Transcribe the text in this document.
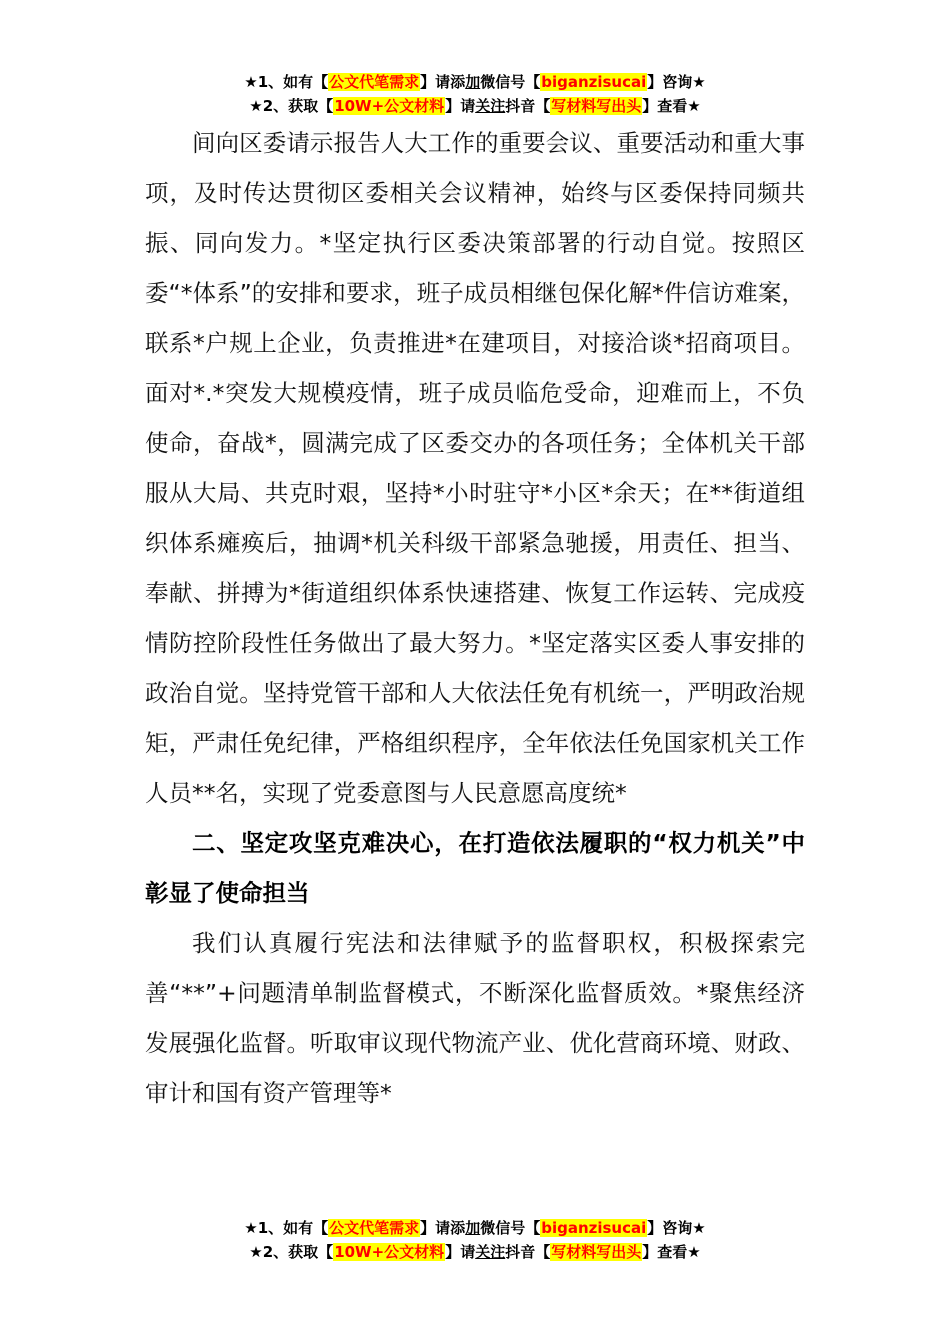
★1、如有【公文代笔需求】请添加微信号【biganzisucai】咨询★
★2、获取【10W+公文材料】请关注抖音【写材料写出头】查看★

间向区委请示报告人大工作的重要会议、重要活动和重大事项，及时传达贯彻区委相关会议精神，始终与区委保持同频共振、同向发力。*坚定执行区委决策部署的行动自觉。按照区委“*体系”的安排和要求，班子成员相继包保化解*件信访难案，联系*户规上企业，负责推进*在建项目，对接洽谈*招商项目。面对*.*突发大规模疫情，班子成员临危受命，迎难而上，不负使命，奋战*，圆满完成了区委交办的各项任务；全体机关干部服从大局、共克时艰，坚持*小时驻守*小区*余天；在**街道组织体系瘫痪后，抽调*机关科级干部紧急驰援，用责任、担当、奉献、拼搏为*街道组织体系快速搭建、恢复工作运转、完成疫情防控阶段性任务做出了最大努力。*坚定落实区委人事安排的政治自觉。坚持党管干部和人大依法任免有机统一，严明政治规矩，严肃任免纪律，严格组织程序，全年依法任免国家机关工作人员**名，实现了党委意图与人民意愿高度统*

二、坚定攻坚克难决心，在打造依法履职的“权力机关”中彰显了使命担当

我们认真履行宪法和法律赋予的监督职权，积极探索完善“**”+问题清单制监督模式，不断深化监督质效。*聚焦经济发展强化监督。听取审议现代物流产业、优化营商环境、财政、审计和国有资产管理等*

★1、如有【公文代笔需求】请添加微信号【biganzisucai】咨询★
★2、获取【10W+公文材料】请关注抖音【写材料写出头】查看★
